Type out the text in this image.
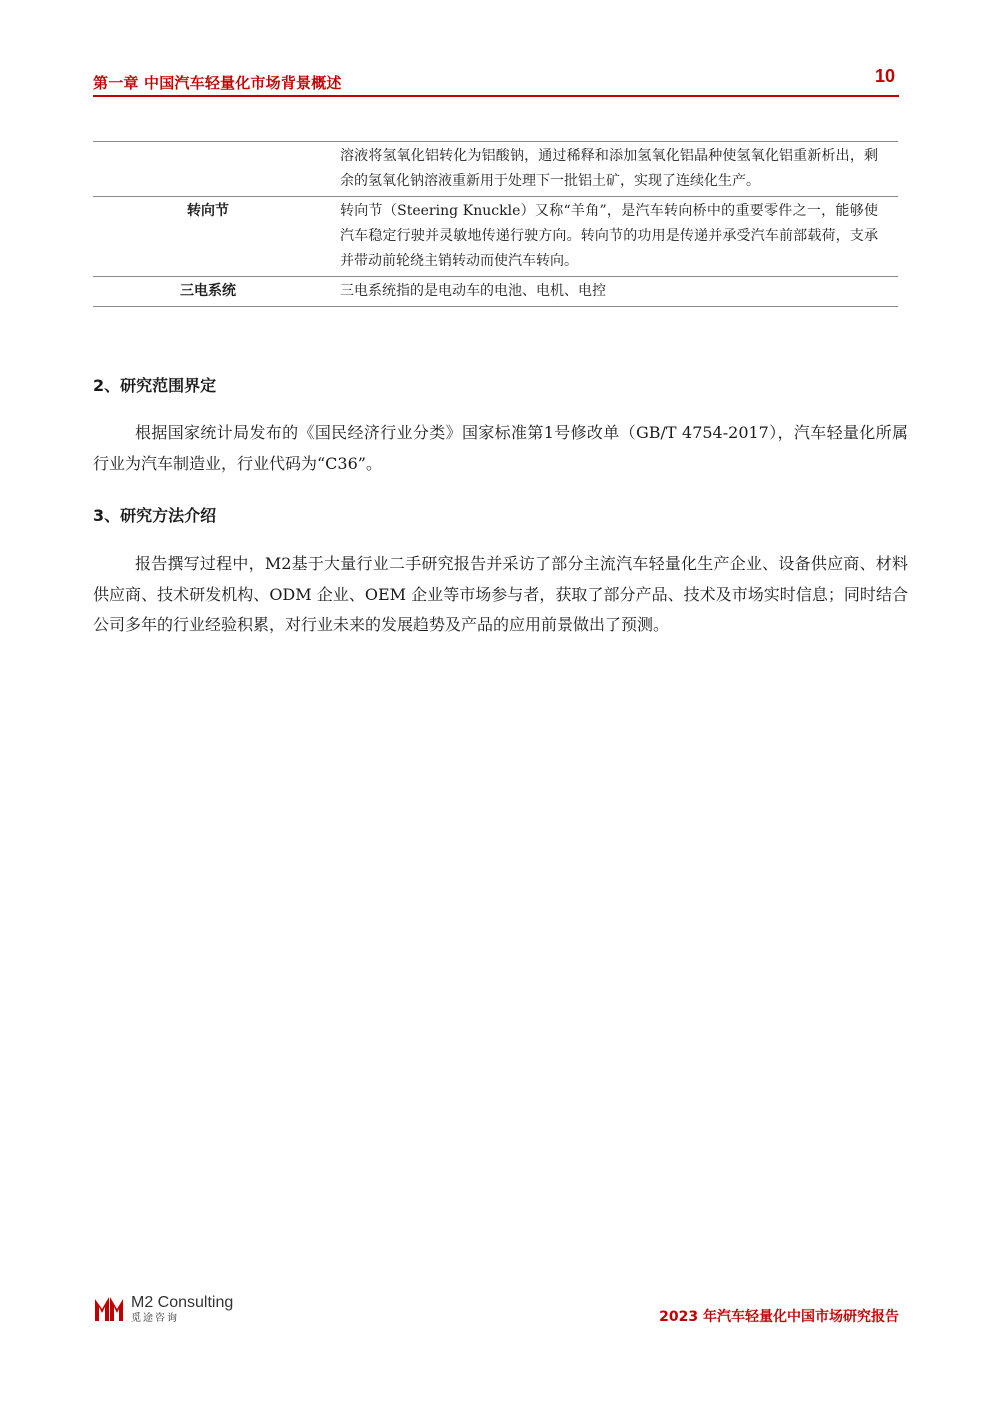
第一章 中国汽车轻量化市场背景概述	10
	溶液将氢氧化铝转化为铝酸钠，通过稀释和添加氢氧化铝晶种使氢氧化铝重新析出，剩余的氢氧化钠溶液重新用于处理下一批铝土矿，实现了连续化生产。
转向节	转向节（Steering Knuckle）又称“羊角”，是汽车转向桥中的重要零件之一，能够使汽车稳定行驶并灵敏地传递行驶方向。转向节的功用是传递并承受汽车前部载荷，支承并带动前轮绕主销转动而使汽车转向。
三电系统	三电系统指的是电动车的电池、电机、电控
2、研究范围界定

根据国家统计局发布的《国民经济行业分类》国家标准第1号修改单（GB/T 4754-2017），汽车轻量化所属行业为汽车制造业，行业代码为“C36”。

3、研究方法介绍

报告撰写过程中，M2基于大量行业二手研究报告并采访了部分主流汽车轻量化生产企业、设备供应商、材料供应商、技术研发机构、ODM 企业、OEM 企业等市场参与者，获取了部分产品、技术及市场实时信息；同时结合公司多年的行业经验积累，对行业未来的发展趋势及产品的应用前景做出了预测。

M2 Consulting
觅途咨询	2023 年汽车轻量化中国市场研究报告
